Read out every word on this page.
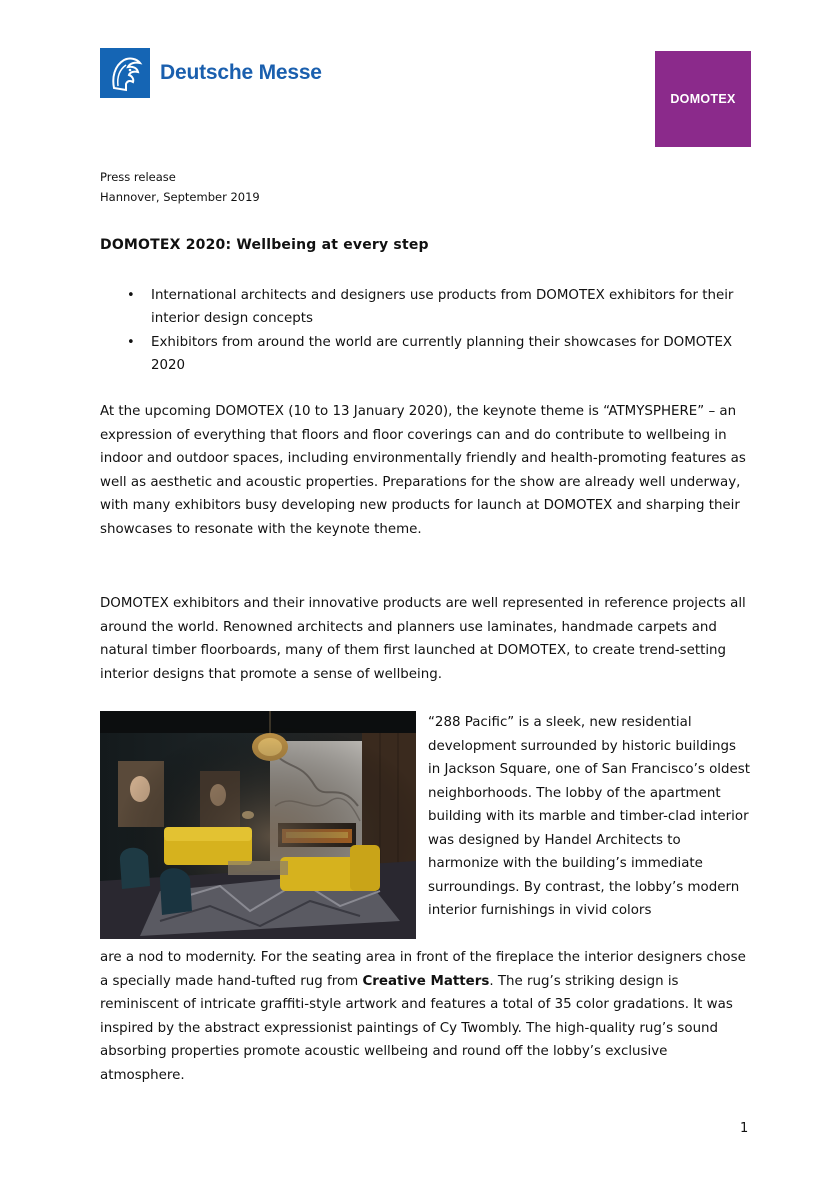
Deutsche Messe
DOMOTEX
Press release
Hannover, September 2019
DOMOTEX 2020: Wellbeing at every step
• International architects and designers use products from DOMOTEX exhibitors for their interior design concepts
• Exhibitors from around the world are currently planning their showcases for DOMOTEX 2020

At the upcoming DOMOTEX (10 to 13 January 2020), the keynote theme is “ATMYSPHERE” – an expression of everything that floors and floor coverings can and do contribute to wellbeing in indoor and outdoor spaces, including environmentally friendly and health-promoting features as well as aesthetic and acoustic properties. Preparations for the show are already well underway, with many exhibitors busy developing new products for launch at DOMOTEX and sharping their showcases to resonate with the keynote theme.

DOMOTEX exhibitors and their innovative products are well represented in reference projects all around the world. Renowned architects and planners use laminates, handmade carpets and natural timber floorboards, many of them first launched at DOMOTEX, to create trend-setting interior designs that promote a sense of wellbeing.

“288 Pacific” is a sleek, new residential development surrounded by historic buildings in Jackson Square, one of San Francisco’s oldest neighborhoods. The lobby of the apartment building with its marble and timber-clad interior was designed by Handel Architects to harmonize with the building’s immediate surroundings. By contrast, the lobby’s modern interior furnishings in vivid colors

are a nod to modernity. For the seating area in front of the fireplace the interior designers chose a specially made hand-tufted rug from Creative Matters. The rug’s striking design is reminiscent of intricate graffiti-style artwork and features a total of 35 color gradations. It was inspired by the abstract expressionist paintings of Cy Twombly. The high-quality rug’s sound absorbing properties promote acoustic wellbeing and round off the lobby’s exclusive atmosphere.

1
